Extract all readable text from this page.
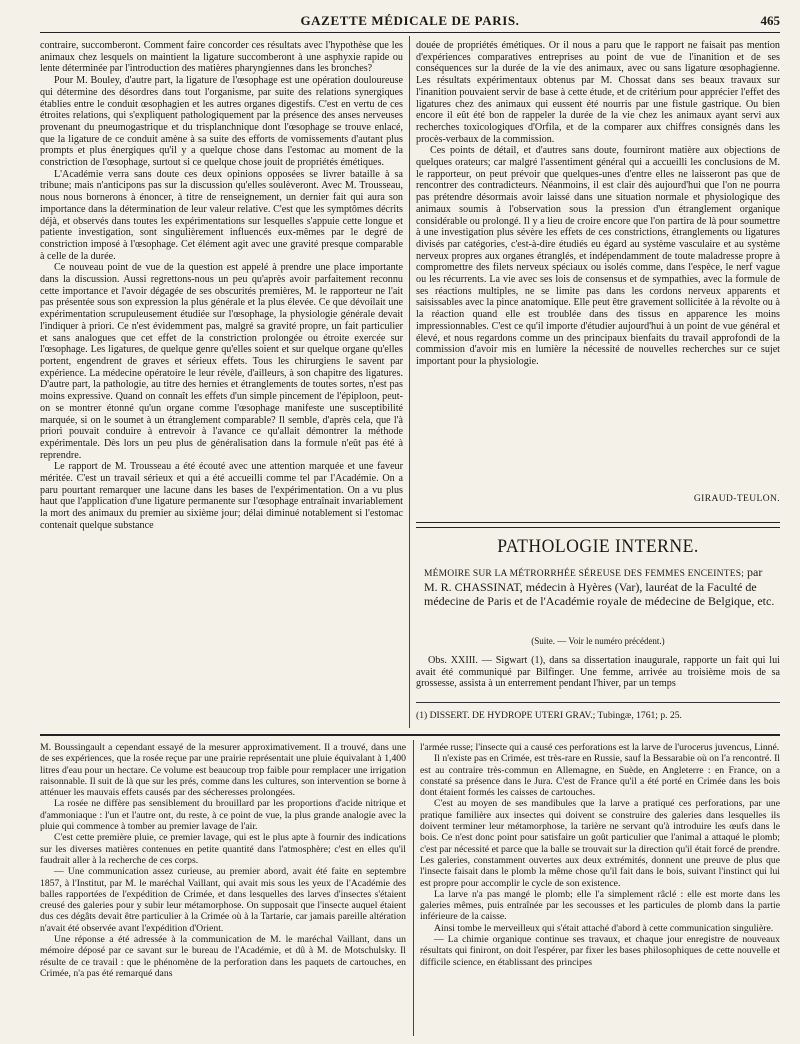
GAZETTE MÉDICALE DE PARIS.	465

contraire, succomberont. Comment faire concorder ces résultats avec l'hypothèse que les animaux chez lesquels on maintient la ligature succomberont à une asphyxie rapide ou lente déterminée par l'introduction des matières pharyngiennes dans les bronches?

Pour M. Bouley, d'autre part, la ligature de l'œsophage est une opération douloureuse qui détermine des désordres dans tout l'organisme, par suite des relations synergiques établies entre le conduit œsophagien et les autres organes digestifs. C'est en vertu de ces étroites relations, qui s'expliquent pathologiquement par la présence des anses nerveuses provenant du pneumogastrique et du trisplanchnique dont l'œsophage se trouve enlacé, que la ligature de ce conduit amène à sa suite des efforts de vomissements d'autant plus prompts et plus énergiques qu'il y a quelque chose dans l'estomac au moment de la constriction de l'œsophage, surtout si ce quelque chose jouit de propriétés émétiques.

L'Académie verra sans doute ces deux opinions opposées se livrer bataille à sa tribune; mais n'anticipons pas sur la discussion qu'elles soulèveront. Avec M. Trousseau, nous nous bornerons à énoncer, à titre de renseignement, un dernier fait qui aura son importance dans la détermination de leur valeur relative. C'est que les symptômes décrits déjà, et observés dans toutes les expérimentations sur lesquelles s'appuie cette longue et patiente investigation, sont singulièrement influencés eux-mêmes par le degré de constriction imposé à l'œsophage. Cet élément agit avec une gravité presque comparable à celle de la durée.

Ce nouveau point de vue de la question est appelé à prendre une place importante dans la discussion. Aussi regrettons-nous un peu qu'après avoir parfaitement reconnu cette importance et l'avoir dégagée de ses obscurités premières, M. le rapporteur ne l'ait pas présentée sous son expression la plus générale et la plus élevée. Ce que dévoilait une expérimentation scrupuleusement étudiée sur l'œsophage, la physiologie générale devait l'indiquer à priori. Ce n'est évidemment pas, malgré sa gravité propre, un fait particulier et sans analogues que cet effet de la constriction prolongée ou étroite exercée sur l'œsophage. Les ligatures, de quelque genre qu'elles soient et sur quelque organe qu'elles portent, engendrent de graves et sérieux effets. Tous les chirurgiens le savent par expérience. La médecine opératoire le leur révèle, d'ailleurs, à son chapitre des ligatures. D'autre part, la pathologie, au titre des hernies et étranglements de toutes sortes, n'est pas moins expressive. Quand on connaît les effets d'un simple pincement de l'épiploon, peut-on se montrer étonné qu'un organe comme l'œsophage manifeste une susceptibilité marquée, si on le soumet à un étranglement comparable? Il semble, d'après cela, que l'à priori pouvait conduire à entrevoir à l'avance ce qu'allait démontrer la méthode expérimentale. Dès lors un peu plus de généralisation dans la formule n'eût pas été à reprendre.

Le rapport de M. Trousseau a été écouté avec une attention marquée et une faveur méritée. C'est un travail sérieux et qui a été accueilli comme tel par l'Académie. On a paru pourtant remarquer une lacune dans les bases de l'expérimentation. On a vu plus haut que l'application d'une ligature permanente sur l'œsophage entraînait invariablement la mort des animaux du premier au sixième jour; délai diminué notablement si l'estomac contenait quelque substance

douée de propriétés émétiques. Or il nous a paru que le rapport ne faisait pas mention d'expériences comparatives entreprises au point de vue de l'inanition et de ses conséquences sur la durée de la vie des animaux, avec ou sans ligature œsophagienne. Les résultats expérimentaux obtenus par M. Chossat dans ses beaux travaux sur l'inanition pouvaient servir de base à cette étude, et de critérium pour apprécier l'effet des ligatures chez des animaux qui eussent été nourris par une fistule gastrique. Ou bien encore il eût été bon de rappeler la durée de la vie chez les animaux ayant servi aux recherches toxicologiques d'Orfila, et de la comparer aux chiffres consignés dans les procès-verbaux de la commission.

Ces points de détail, et d'autres sans doute, fourniront matière aux objections de quelques orateurs; car malgré l'assentiment général qui a accueilli les conclusions de M. le rapporteur, on peut prévoir que quelques-unes d'entre elles ne laisseront pas que de rencontrer des contradicteurs. Néanmoins, il est clair dès aujourd'hui que l'on ne pourra pas prétendre désormais avoir laissé dans une situation normale et physiologique des animaux soumis à l'observation sous la pression d'un étranglement organique considérable ou prolongé. Il y a lieu de croire encore que l'on partira de là pour soumettre à une investigation plus sévère les effets de ces constrictions, étranglements ou ligatures divisés par catégories, c'est-à-dire étudiés eu égard au système vasculaire et au système nerveux propres aux organes étranglés, et indépendamment de toute maladresse propre à compromettre des filets nerveux spéciaux ou isolés comme, dans l'espèce, le nerf vague ou les récurrents. La vie avec ses lois de consensus et de sympathies, avec la formule de ses réactions multiples, ne se limite pas dans les cordons nerveux apparents et saisissables avec la pince anatomique. Elle peut être gravement sollicitée à la révolte ou à la réaction quand elle est troublée dans des tissus en apparence les moins impressionnables. C'est ce qu'il importe d'étudier aujourd'hui à un point de vue général et élevé, et nous regardons comme un des principaux bienfaits du travail approfondi de la commission d'avoir mis en lumière la nécessité de nouvelles recherches sur ce sujet important pour la physiologie.

GIRAUD-TEULON.
PATHOLOGIE INTERNE.
MÉMOIRE SUR LA MÉTRORRHÉE SÉREUSE DES FEMMES ENCEINTES; par M. R. CHASSINAT, médecin à Hyères (Var), lauréat de la Faculté de médecine de Paris et de l'Académie royale de médecine de Belgique, etc.
(Suite. — Voir le numéro précédent.)

Obs. XXIII. — Sigwart (1), dans sa dissertation inaugurale, rapporte un fait qui lui avait été communiqué par Bilfinger. Une femme, arrivée au troisième mois de sa grossesse, assista à un enterrement pendant l'hiver, par un temps

(1) DISSERT. DE HYDROPE UTERI GRAV.; Tubingæ, 1761; p. 25.

M. Boussingault a cependant essayé de la mesurer approximativement. Il a trouvé, dans une de ses expériences, que la rosée reçue par une prairie représentait une pluie équivalant à 1,400 litres d'eau pour un hectare. Ce volume est beaucoup trop faible pour remplacer une irrigation raisonnable. Il suit de là que sur les prés, comme dans les cultures, son intervention se borne à atténuer les mauvais effets causés par des sécheresses prolongées.

La rosée ne diffère pas sensiblement du brouillard par les proportions d'acide nitrique et d'ammoniaque : l'un et l'autre ont, du reste, à ce point de vue, la plus grande analogie avec la pluie qui commence à tomber au premier lavage de l'air.

C'est cette première pluie, ce premier lavage, qui est le plus apte à fournir des indications sur les diverses matières contenues en petite quantité dans l'atmosphère; c'est en elles qu'il faudrait aller à la recherche de ces corps.

— Une communication assez curieuse, au premier abord, avait été faite en septembre 1857, à l'Institut, par M. le maréchal Vaillant, qui avait mis sous les yeux de l'Académie des balles rapportées de l'expédition de Crimée, et dans lesquelles des larves d'insectes s'étaient creusé des galeries pour y subir leur métamorphose. On supposait que l'insecte auquel étaient dus ces dégâts devait être particulier à la Crimée où à la Tartarie, car jamais pareille altération n'avait été observée avant l'expédition d'Orient.

Une réponse a été adressée à la communication de M. le maréchal Vaillant, dans un mémoire déposé par ce savant sur le bureau de l'Académie, et dû à M. de Motschulsky. Il résulte de ce travail : que le phénomène de la perforation dans les paquets de cartouches, en Crimée, n'a pas été remarqué dans

l'armée russe; l'insecte qui a causé ces perforations est la larve de l'urocerus juvencus, Linné.

Il n'existe pas en Crimée, est très-rare en Russie, sauf la Bessarabie où on l'a rencontré. Il est au contraire très-commun en Allemagne, en Suède, en Angleterre : en France, on a constaté sa présence dans le Jura. C'est de France qu'il a été porté en Crimée dans les bois dont étaient formés les caisses de cartouches.

C'est au moyen de ses mandibules que la larve a pratiqué ces perforations, par une pratique familière aux insectes qui doivent se construire des galeries dans lesquelles ils doivent terminer leur métamorphose, la tarière ne servant qu'à introduire les œufs dans le bois. Ce n'est donc point pour satisfaire un goût particulier que l'animal a attaqué le plomb; c'est par nécessité et parce que la balle se trouvait sur la direction qu'il était forcé de prendre. Les galeries, constamment ouvertes aux deux extrémités, donnent une preuve de plus que l'insecte faisait dans le plomb la même chose qu'il fait dans le bois, suivant l'instinct qui lui est propre pour accomplir le cycle de son existence.

La larve n'a pas mangé le plomb; elle l'a simplement râclé : elle est morte dans les galeries mêmes, puis entraînée par les secousses et les particules de plomb dans la partie inférieure de la caisse.

Ainsi tombe le merveilleux qui s'était attaché d'abord à cette communication singulière.

— La chimie organique continue ses travaux, et chaque jour enregistre de nouveaux résultats qui finiront, on doit l'espérer, par fixer les bases philosophiques de cette nouvelle et difficile science, en établissant des principes
